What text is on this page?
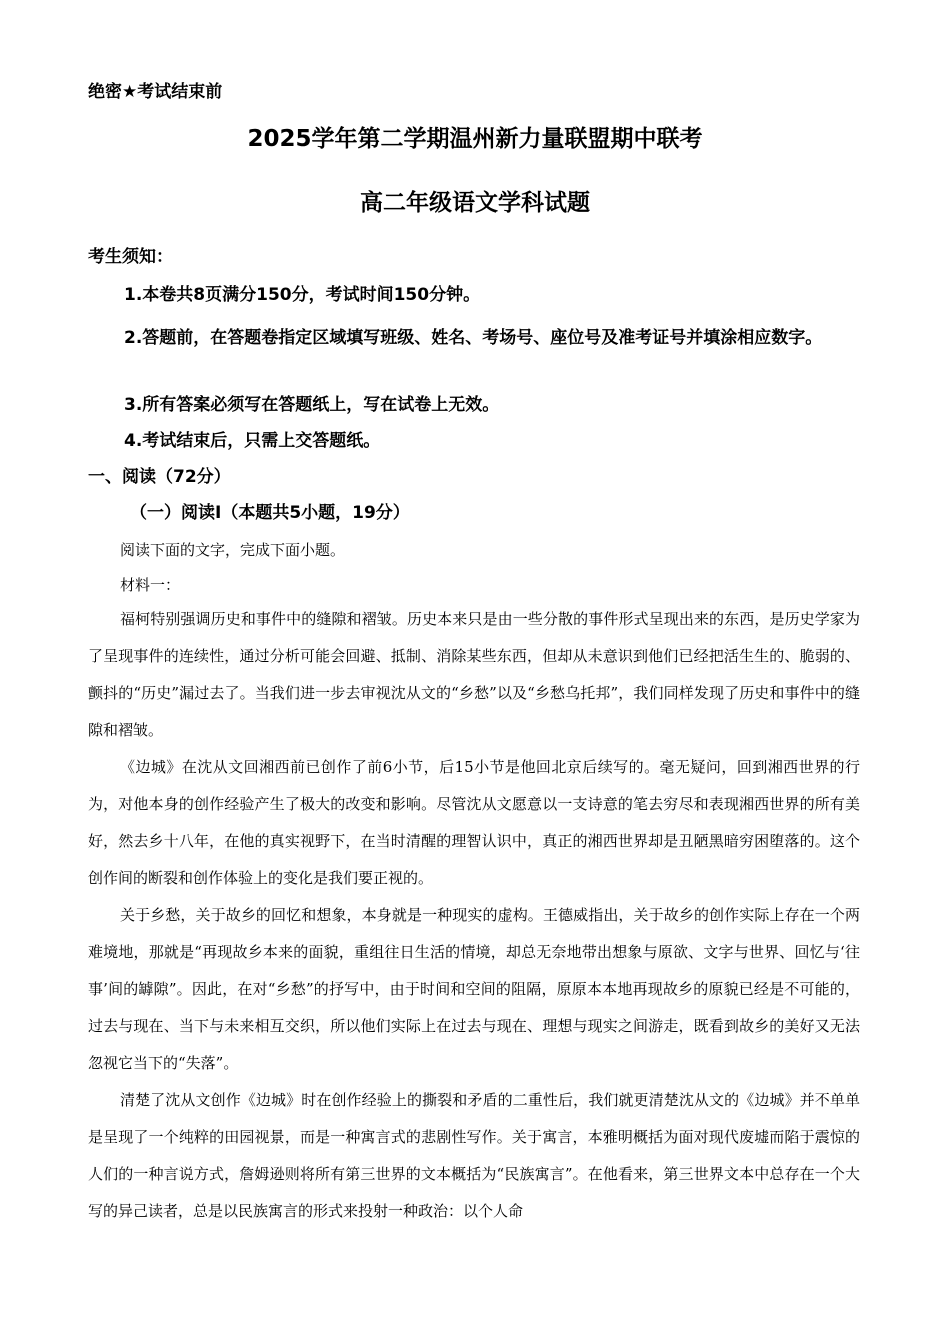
绝密★考试结束前
2025学年第二学期温州新力量联盟期中联考
高二年级语文学科试题
考生须知：
1.本卷共8页满分150分，考试时间150分钟。
2.答题前，在答题卷指定区域填写班级、姓名、考场号、座位号及准考证号并填涂相应数字。
3.所有答案必须写在答题纸上，写在试卷上无效。
4.考试结束后，只需上交答题纸。
一、阅读（72分）
（一）阅读I（本题共5小题，19分）
阅读下面的文字，完成下面小题。
材料一：
福柯特别强调历史和事件中的缝隙和褶皱。历史本来只是由一些分散的事件形式呈现出来的东西，是历史学家为了呈现事件的连续性，通过分析可能会回避、抵制、消除某些东西，但却从未意识到他们已经把活生生的、脆弱的、颤抖的“历史”漏过去了。当我们进一步去审视沈从文的“乡愁”以及“乡愁乌托邦”，我们同样发现了历史和事件中的缝隙和褶皱。
《边城》在沈从文回湘西前已创作了前6小节，后15小节是他回北京后续写的。毫无疑问，回到湘西世界的行为，对他本身的创作经验产生了极大的改变和影响。尽管沈从文愿意以一支诗意的笔去穷尽和表现湘西世界的所有美好，然去乡十八年，在他的真实视野下，在当时清醒的理智认识中，真正的湘西世界却是丑陋黑暗穷困堕落的。这个创作间的断裂和创作体验上的变化是我们要正视的。
关于乡愁，关于故乡的回忆和想象，本身就是一种现实的虚构。王德威指出，关于故乡的创作实际上存在一个两难境地，那就是“再现故乡本来的面貌，重组往日生活的情境，却总无奈地带出想象与原欲、文字与世界、回忆与‘往事’间的罅隙”。因此，在对“乡愁”的抒写中，由于时间和空间的阻隔，原原本本地再现故乡的原貌已经是不可能的，过去与现在、当下与未来相互交织，所以他们实际上在过去与现在、理想与现实之间游走，既看到故乡的美好又无法忽视它当下的“失落”。
清楚了沈从文创作《边城》时在创作经验上的撕裂和矛盾的二重性后，我们就更清楚沈从文的《边城》并不单单是呈现了一个纯粹的田园视景，而是一种寓言式的悲剧性写作。关于寓言，本雅明概括为面对现代废墟而陷于震惊的人们的一种言说方式，詹姆逊则将所有第三世界的文本概括为“民族寓言”。在他看来，第三世界文本中总存在一个大写的异己读者，总是以民族寓言的形式来投射一种政治：以个人命
